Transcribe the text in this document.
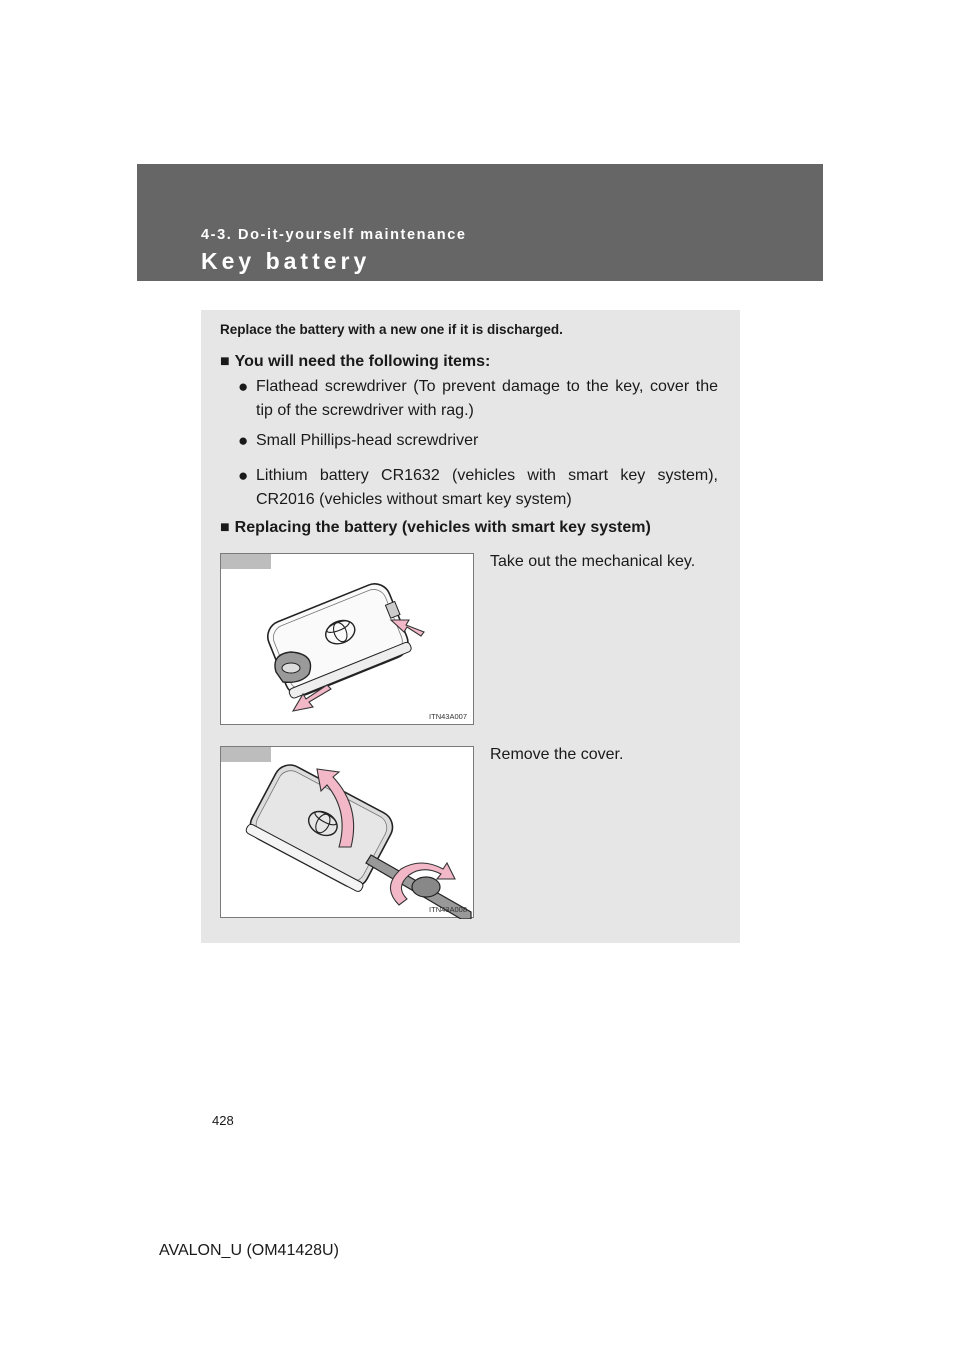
4-3. Do-it-yourself maintenance
Key battery
Replace the battery with a new one if it is discharged.
■ You will need the following items:
● Flathead screwdriver (To prevent damage to the key, cover the tip of the screwdriver with rag.)
● Small Phillips-head screwdriver
● Lithium battery CR1632 (vehicles with smart key system), CR2016 (vehicles without smart key system)
■ Replacing the battery (vehicles with smart key system)
ITN43A007
Take out the mechanical key.
ITN43A008
Remove the cover.
428
AVALON_U (OM41428U)
